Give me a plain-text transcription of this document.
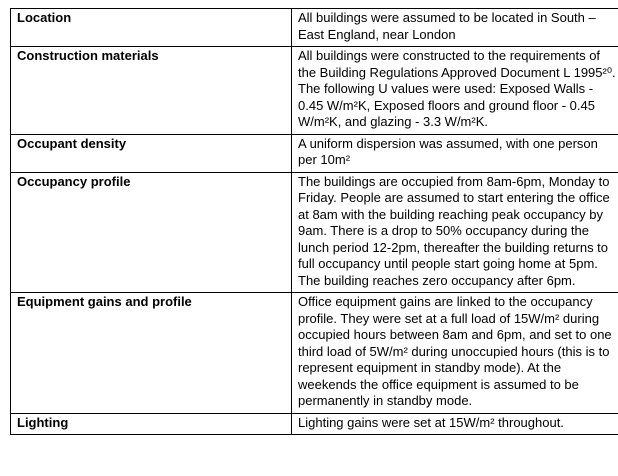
Location	All buildings were assumed to be located in South –East England, near London
Construction materials	All buildings were constructed to the requirements of the Building Regulations Approved Document L 1995²⁰. The following U values were used: Exposed Walls - 0.45 W/m²K, Exposed floors and ground floor - 0.45 W/m²K, and glazing - 3.3 W/m²K.
Occupant density	A uniform dispersion was assumed, with one person per 10m²
Occupancy profile	The buildings are occupied from 8am-6pm, Monday to Friday. People are assumed to start entering the office at 8am with the building reaching peak occupancy by 9am. There is a drop to 50% occupancy during the lunch period 12-2pm, thereafter the building returns to full occupancy until people start going home at 5pm. The building reaches zero occupancy after 6pm.
Equipment gains and profile	Office equipment gains are linked to the occupancy profile. They were set at a full load of 15W/m² during occupied hours between 8am and 6pm, and set to one third load of 5W/m² during unoccupied hours (this is to represent equipment in standby mode). At the weekends the office equipment is assumed to be permanently in standby mode.
Lighting	Lighting gains were set at 15W/m² throughout.
